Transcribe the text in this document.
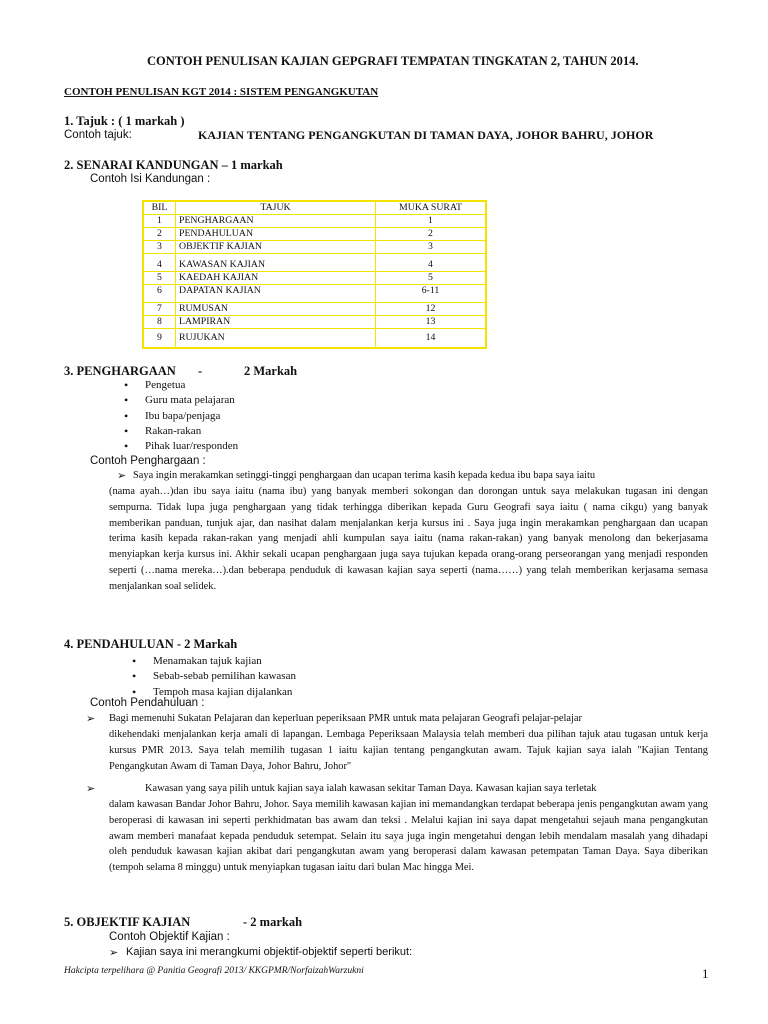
CONTOH PENULISAN KAJIAN GEPGRAFI TEMPATAN TINGKATAN 2, TAHUN 2014.
CONTOH PENULISAN KGT 2014 : SISTEM PENGANGKUTAN
1. Tajuk : ( 1 markah )
Contoh tajuk:	KAJIAN TENTANG PENGANGKUTAN DI TAMAN DAYA, JOHOR BAHRU, JOHOR
2. SENARAI KANDUNGAN – 1 markah
Contoh Isi Kandungan :
BIL	TAJUK	MUKA SURAT
1	PENGHARGAAN	1
2	PENDAHULUAN	2
3	OBJEKTIF KAJIAN	3
4	KAWASAN KAJIAN	4
5	KAEDAH KAJIAN	5
6	DAPATAN KAJIAN	6-11
7	RUMUSAN	12
8	LAMPIRAN	13
9	RUJUKAN	14
3. PENGHARGAAN -	2 Markah
• Pengetua
• Guru mata pelajaran
• Ibu bapa/penjaga
• Rakan-rakan
• Pihak luar/responden
Contoh Penghargaan :
➢ Saya ingin merakamkan setinggi-tinggi penghargaan dan ucapan terima kasih kepada kedua ibu bapa saya iaitu
(nama ayah…)dan ibu saya iaitu (nama ibu) yang banyak memberi sokongan dan dorongan untuk saya melakukan tugasan ini dengan sempurna. Tidak lupa juga penghargaan yang tidak terhingga diberikan kepada Guru Geografi saya iaitu ( nama cikgu) yang banyak memberikan panduan, tunjuk ajar, dan nasihat dalam menjalankan kerja kursus ini . Saya juga ingin merakamkan penghargaan dan ucapan terima kasih kepada rakan-rakan yang menjadi ahli kumpulan saya iaitu (nama rakan-rakan) yang banyak menolong dan bekerjasama menyiapkan kerja kursus ini. Akhir sekali ucapan penghargaan juga saya tujukan kepada orang-orang perseorangan yang menjadi responden seperti (…nama mereka…).dan beberapa penduduk di kawasan kajian saya seperti (nama……) yang telah memberikan kerjasama semasa menjalankan soal selidek.
4. PENDAHULUAN - 2 Markah
• Menamakan tajuk kajian
• Sebab-sebab pemilihan kawasan
• Tempoh masa kajian dijalankan
Contoh Pendahuluan :
➢ Bagi memenuhi Sukatan Pelajaran dan keperluan peperiksaan PMR untuk mata pelajaran Geografi pelajar-pelajar
dikehendaki menjalankan kerja amali di lapangan. Lembaga Peperiksaan Malaysia telah memberi dua pilihan tajuk atau tugasan untuk kerja kursus PMR 2013. Saya telah memilih tugasan 1 iaitu kajian tentang pengangkutan awam. Tajuk kajian saya ialah "Kajian Tentang Pengangkutan Awam di Taman Daya, Johor Bahru, Johor"
➢	Kawasan yang saya pilih untuk kajian saya ialah kawasan sekitar Taman Daya. Kawasan kajian saya terletak
dalam kawasan Bandar Johor Bahru, Johor. Saya memilih kawasan kajian ini memandangkan terdapat beberapa jenis pengangkutan awam yang beroperasi di kawasan ini seperti perkhidmatan bas awam dan teksi . Melalui kajian ini saya dapat mengetahui sejauh mana pengangkutan awam memberi manafaat kepada penduduk setempat. Selain itu saya juga ingin mengetahui dengan lebih mendalam masalah yang dihadapi oleh penduduk kawasan kajian akibat dari pengangkutan awam yang beroperasi dalam kawasan petempatan Taman Daya. Saya diberikan (tempoh selama 8 minggu) untuk menyiapkan tugasan iaitu dari bulan Mac hingga Mei.
5. OBJEKTIF KAJIAN	- 2 markah
Contoh Objektif Kajian :
➢ Kajian saya ini merangkumi objektif-objektif seperti berikut:
Hakcipta terpelihara @ Panitia Geografi 2013/ KKGPMR/NorfaizahWarzukni	1
